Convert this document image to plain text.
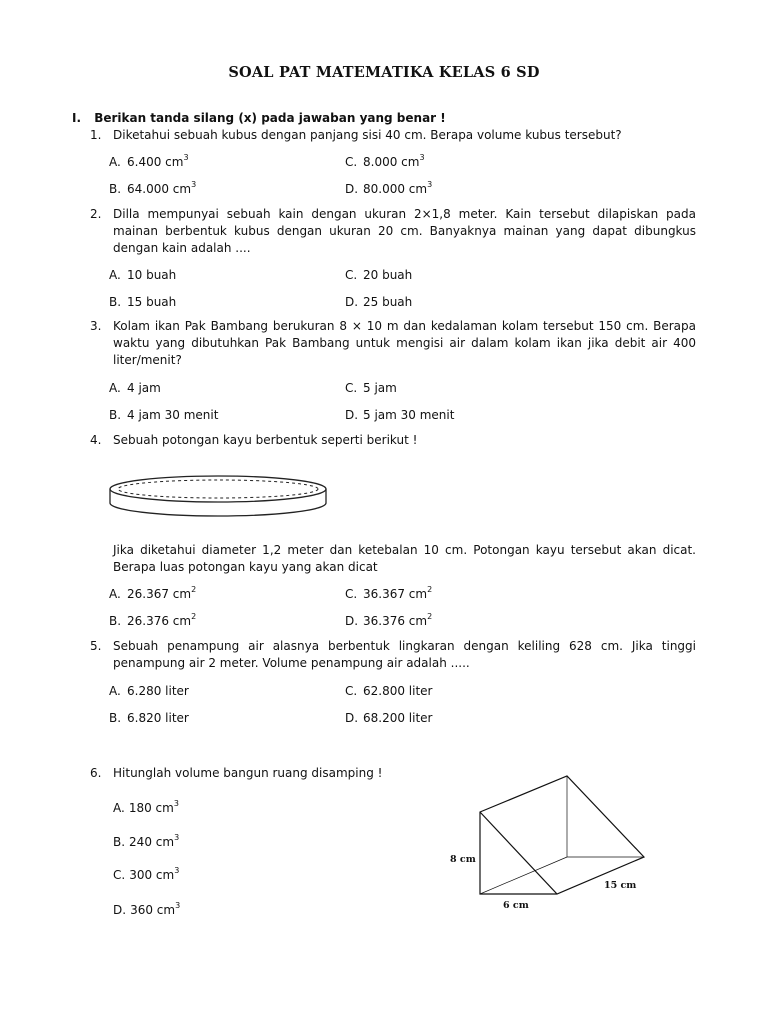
SOAL PAT MATEMATIKA KELAS 6 SD
I. Berikan tanda silang (x) pada jawaban yang benar !
1. Diketahui sebuah kubus dengan panjang sisi 40 cm. Berapa volume kubus tersebut?
A. 6.400 $cm^3$	C. 8.000 $cm^3$
B. 64.000 $cm^3$	D. 80.000 $cm^3$
2. Dilla mempunyai sebuah kain dengan ukuran 2×1,8 meter. Kain tersebut dilapiskan pada mainan berbentuk kubus dengan ukuran 20 cm. Banyaknya mainan yang dapat dibungkus dengan kain adalah ....
A. 10 buah	C. 20 buah
B. 15 buah	D. 25 buah
3. Kolam ikan Pak Bambang berukuran 8 × 10 m dan kedalaman kolam tersebut 150 cm. Berapa waktu yang dibutuhkan Pak Bambang untuk mengisi air dalam kolam ikan jika debit air 400 liter/menit?
A. 4 jam	C. 5 jam
B. 4 jam 30 menit	D. 5 jam 30 menit
4. Sebuah potongan kayu berbentuk seperti berikut !
Jika diketahui diameter 1,2 meter dan ketebalan 10 cm. Potongan kayu tersebut akan dicat. Berapa luas potongan kayu yang akan dicat
A. 26.367 $cm^2$	C. 36.367 $cm^2$
B. 26.376 $cm^2$	D. 36.376 $cm^2$
5. Sebuah penampung air alasnya berbentuk lingkaran dengan keliling 628 cm. Jika tinggi penampung air 2 meter. Volume penampung air adalah .....
A. 6.280 liter	C. 62.800 liter
B. 6.820 liter	D. 68.200 liter
6. Hitunglah volume bangun ruang disamping !
A. 180 $cm^3$
B. 240 $cm^3$
C. 300 $cm^3$
D. 360 $cm^3$
8 cm
15 cm
6 cm
